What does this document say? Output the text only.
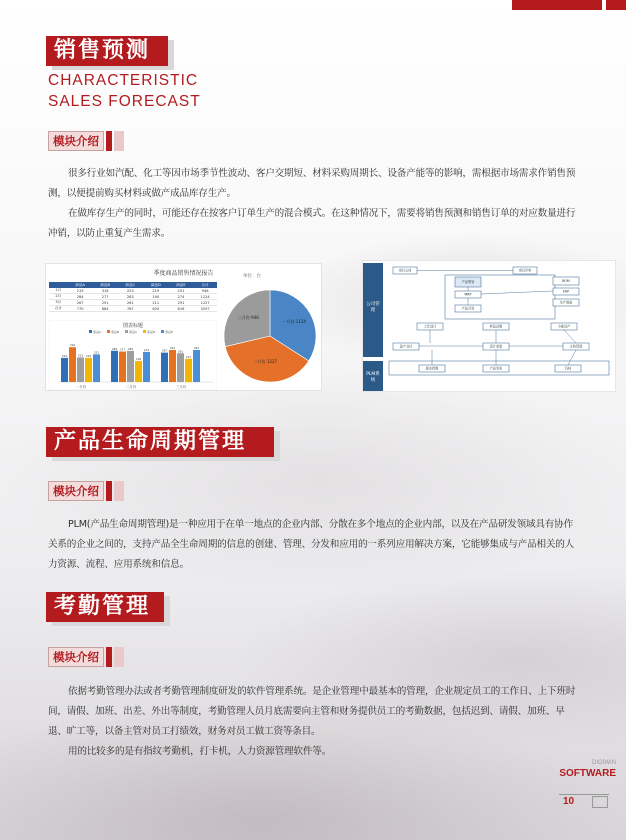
销售预测
CHARACTERISTIC
SALES FORECAST
模块介绍

很多行业如汽配、化工等因市场季节性波动、客户交期短、材料采购周期长、设备产能等的影响，需根据市场需求作销售预测，以便提前购买材料或做产成品库存生产。

在做库存生产的同时，可能还存在按客户订单生产的混合模式。在这种情况下，需要将销售预测和销售订单的对应数量进行冲销，以防止重复产生需求。

季度商品销售情况报告	单位：台
	商品A	商品B	商品C	商品D	商品E	合计
1月	219	316	223	219	251	946
2月	284	277	283	190	274	1124
3月	267	291	261	211	291	1227
合计	770	884	767	620	816	3297
图表标题
商品A	商品B	商品C	商品D	商品E
219
316
223 219
251
一月份
284 277 283
190
274
二月份
267
291
261
211
291
三月份
一月份 1124
二月份 1227
三月份 946
公司管理
PLM系统
项目立项	项目评审
产品策划	BOM
MRP
ERP
产品开发
生产准备
工艺设计	样品试制	小批试产
量产交付	设计变更	文档管理
版本控制	产品发布	归档
产品生命周期管理
模块介绍

PLM(产品生命周期管理)是一种应用于在单一地点的企业内部、分散在多个地点的企业内部，以及在产品研发领域具有协作关系的企业之间的，支持产品全生命周期的信息的创建、管理、分发和应用的一系列应用解决方案，它能够集成与产品相关的人力资源、流程、应用系统和信息。

考勤管理
模块介绍

依据考勤管理办法或者考勤管理制度研发的软件管理系统。是企业管理中最基本的管理，企业规定员工的工作日、上下班时间，请假、加班、出差、外出等制度，考勤管理人员月底需要向主管和财务提供员工的考勤数据，包括迟到、请假、加班、早退、旷工等，以备主管对员工打绩效，财务对员工做工资等条目。

用的比较多的是有指纹考勤机，打卡机，人力资源管理软件等。

DIGIWIN
SOFTWARE
10
